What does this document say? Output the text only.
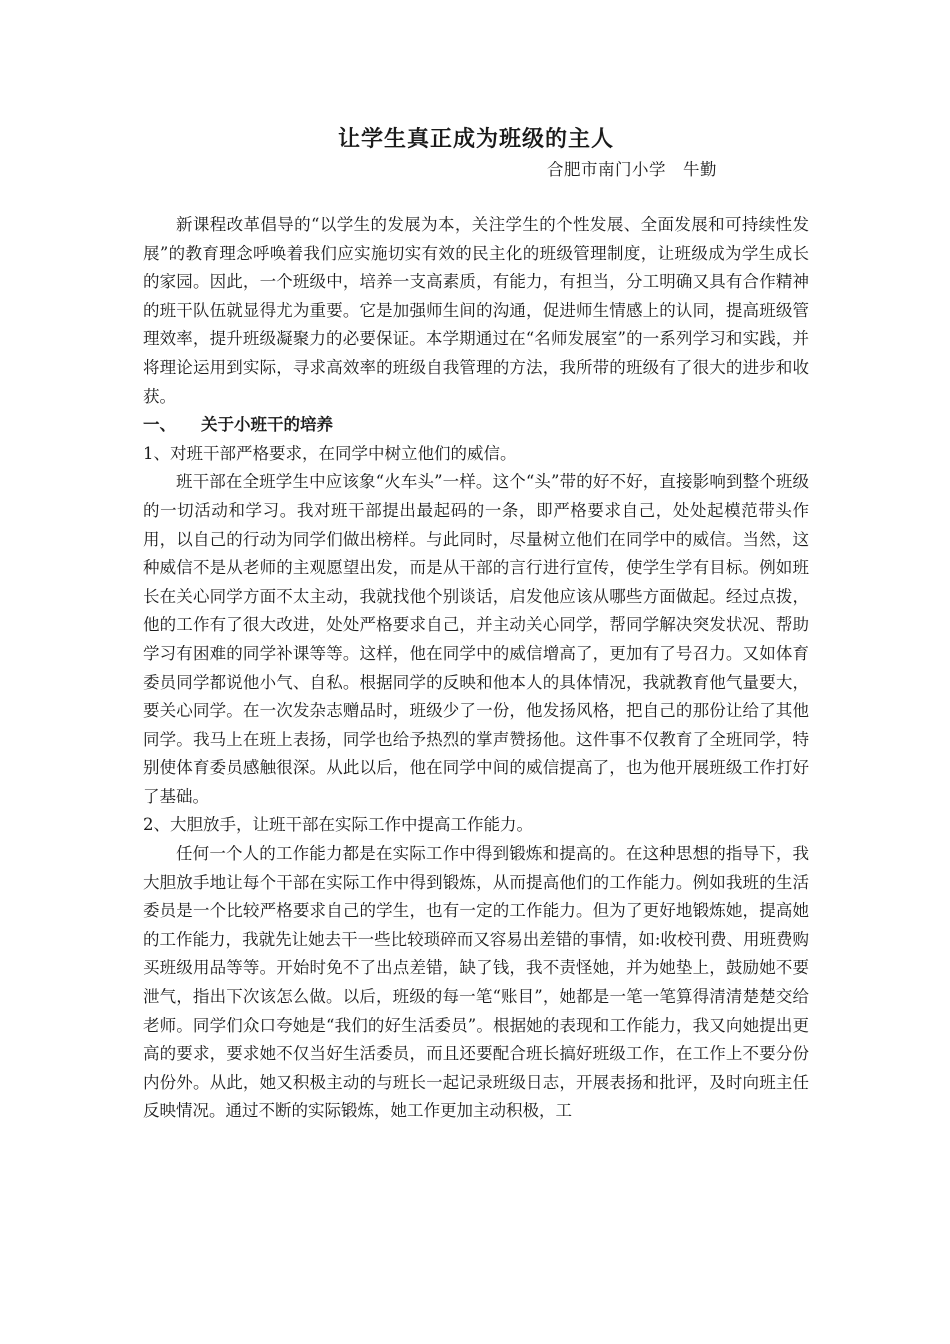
让学生真正成为班级的主人

合肥市南门小学　牛勤

新课程改革倡导的“以学生的发展为本，关注学生的个性发展、全面发展和可持续性发展”的教育理念呼唤着我们应实施切实有效的民主化的班级管理制度，让班级成为学生成长的家园。因此，一个班级中，培养一支高素质，有能力，有担当，分工明确又具有合作精神的班干队伍就显得尤为重要。它是加强师生间的沟通，促进师生情感上的认同，提高班级管理效率，提升班级凝聚力的必要保证。本学期通过在“名师发展室”的一系列学习和实践，并将理论运用到实际，寻求高效率的班级自我管理的方法，我所带的班级有了很大的进步和收获。

一、 关于小班干的培养

1、对班干部严格要求，在同学中树立他们的威信。

班干部在全班学生中应该象“火车头”一样。这个“头”带的好不好，直接影响到整个班级的一切活动和学习。我对班干部提出最起码的一条，即严格要求自己，处处起模范带头作用，以自己的行动为同学们做出榜样。与此同时，尽量树立他们在同学中的威信。当然，这种威信不是从老师的主观愿望出发，而是从干部的言行进行宣传，使学生学有目标。例如班长在关心同学方面不太主动，我就找他个别谈话，启发他应该从哪些方面做起。经过点拨，他的工作有了很大改进，处处严格要求自己，并主动关心同学，帮同学解决突发状况、帮助学习有困难的同学补课等等。这样，他在同学中的威信增高了，更加有了号召力。又如体育委员同学都说他小气、自私。根据同学的反映和他本人的具体情况，我就教育他气量要大，要关心同学。在一次发杂志赠品时，班级少了一份，他发扬风格，把自己的那份让给了其他同学。我马上在班上表扬，同学也给予热烈的掌声赞扬他。这件事不仅教育了全班同学，特别使体育委员感触很深。从此以后，他在同学中间的威信提高了，也为他开展班级工作打好了基础。

2、大胆放手，让班干部在实际工作中提高工作能力。

任何一个人的工作能力都是在实际工作中得到锻炼和提高的。在这种思想的指导下，我大胆放手地让每个干部在实际工作中得到锻炼，从而提高他们的工作能力。例如我班的生活委员是一个比较严格要求自己的学生，也有一定的工作能力。但为了更好地锻炼她，提高她的工作能力，我就先让她去干一些比较琐碎而又容易出差错的事情，如:收校刊费、用班费购买班级用品等等。开始时免不了出点差错，缺了钱，我不责怪她，并为她垫上，鼓励她不要泄气，指出下次该怎么做。以后，班级的每一笔“账目”，她都是一笔一笔算得清清楚楚交给老师。同学们众口夸她是“我们的好生活委员”。根据她的表现和工作能力，我又向她提出更高的要求，要求她不仅当好生活委员，而且还要配合班长搞好班级工作，在工作上不要分份内份外。从此，她又积极主动的与班长一起记录班级日志，开展表扬和批评，及时向班主任反映情况。通过不断的实际锻炼，她工作更加主动积极，工
